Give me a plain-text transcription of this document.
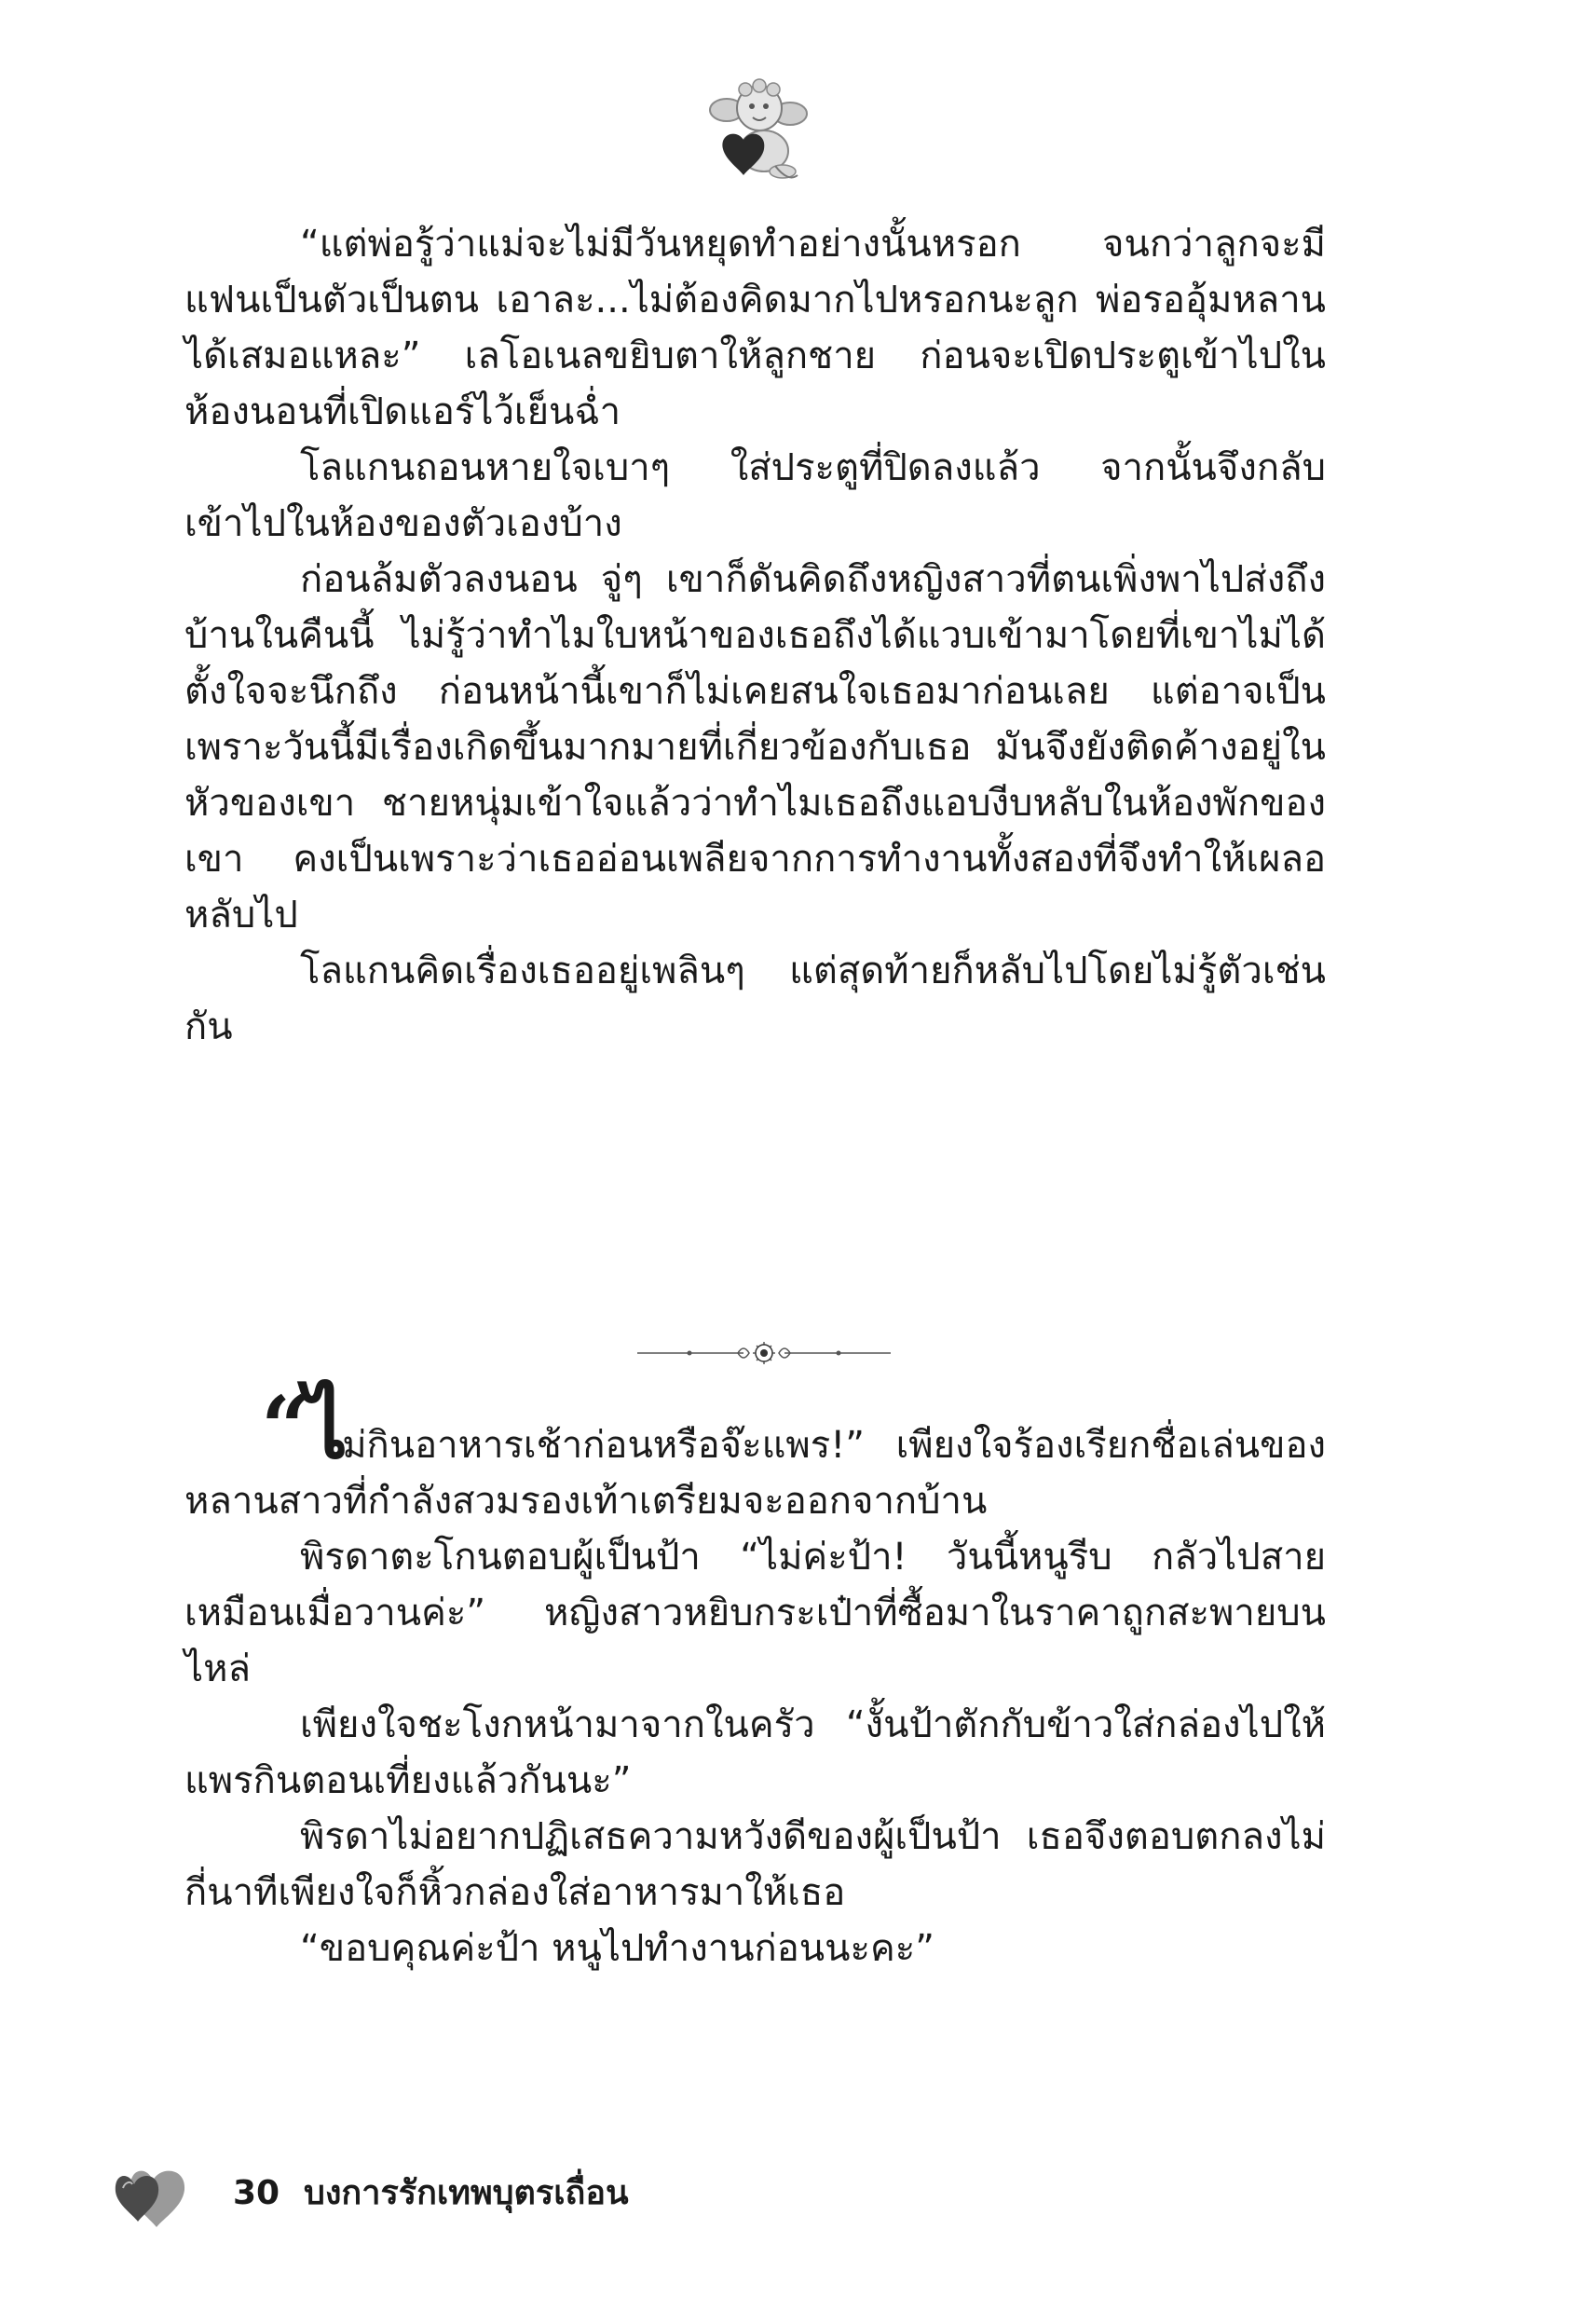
“แต่พ่อรู้ว่าแม่จะไม่มีวันหยุดทำอย่างนั้นหรอก จนกว่าลูกจะมีแฟนเป็นตัวเป็นตน เอาละ...ไม่ต้องคิดมากไปหรอกนะลูก พ่อรออุ้มหลานได้เสมอแหละ” เลโอเนลขยิบตาให้ลูกชาย ก่อนจะเปิดประตูเข้าไปในห้องนอนที่เปิดแอร์ไว้เย็นฉ่ำ

โลแกนถอนหายใจเบาๆ ใส่ประตูที่ปิดลงแล้ว จากนั้นจึงกลับเข้าไปในห้องของตัวเองบ้าง

ก่อนล้มตัวลงนอน จู่ๆ เขาก็ดันคิดถึงหญิงสาวที่ตนเพิ่งพาไปส่งถึงบ้านในคืนนี้ ไม่รู้ว่าทำไมใบหน้าของเธอถึงได้แวบเข้ามาโดยที่เขาไม่ได้ตั้งใจจะนึกถึง ก่อนหน้านี้เขาก็ไม่เคยสนใจเธอมาก่อนเลย แต่อาจเป็นเพราะวันนี้มีเรื่องเกิดขึ้นมากมายที่เกี่ยวข้องกับเธอ มันจึงยังติดค้างอยู่ในหัวของเขา ชายหนุ่มเข้าใจแล้วว่าทำไมเธอถึงแอบงีบหลับในห้องพักของเขา คงเป็นเพราะว่าเธออ่อนเพลียจากการทำงานทั้งสองที่จึงทำให้เผลอหลับไป

โลแกนคิดเรื่องเธออยู่เพลินๆ แต่สุดท้ายก็หลับไปโดยไม่รู้ตัวเช่นกัน

“ไม่กินอาหารเช้าก่อนหรือจ๊ะแพร!” เพียงใจร้องเรียกชื่อเล่นของหลานสาวที่กำลังสวมรองเท้าเตรียมจะออกจากบ้าน

พิรดาตะโกนตอบผู้เป็นป้า “ไม่ค่ะป้า! วันนี้หนูรีบ กลัวไปสายเหมือนเมื่อวานค่ะ” หญิงสาวหยิบกระเป๋าที่ซื้อมาในราคาถูกสะพายบนไหล่

เพียงใจชะโงกหน้ามาจากในครัว “งั้นป้าตักกับข้าวใส่กล่องไปให้แพรกินตอนเที่ยงแล้วกันนะ”

พิรดาไม่อยากปฏิเสธความหวังดีของผู้เป็นป้า เธอจึงตอบตกลงไม่กี่นาทีเพียงใจก็หิ้วกล่องใส่อาหารมาให้เธอ

“ขอบคุณค่ะป้า หนูไปทำงานก่อนนะคะ”

30 บงการรักเทพบุตรเถื่อน
